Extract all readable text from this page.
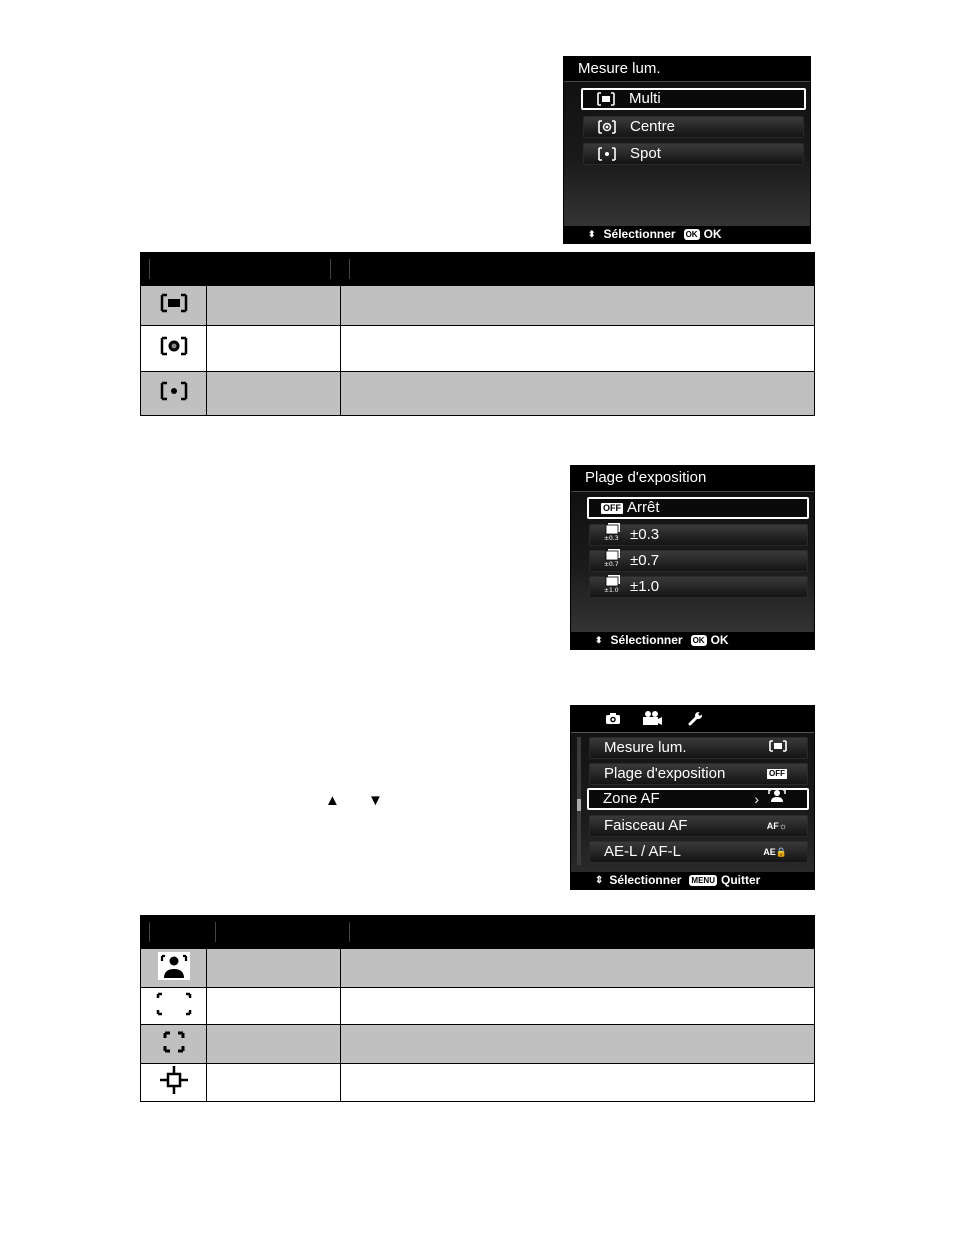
Mesure lum.
Multi
Centre
Spot
⬍ Sélectionner OK OK

Plage d'exposition
OFF Arrêt
±0.3 ±0.3
±0.7 ±0.7
±1.0 ±1.0
⬍ Sélectionner OK OK
▲ ▼
Mesure lum.
Plage d'exposition	OFF
Zone AF	›
Faisceau AF	AF☼
AE-L / AF-L	AE🔒
⇕ Sélectionner MENU Quitter
